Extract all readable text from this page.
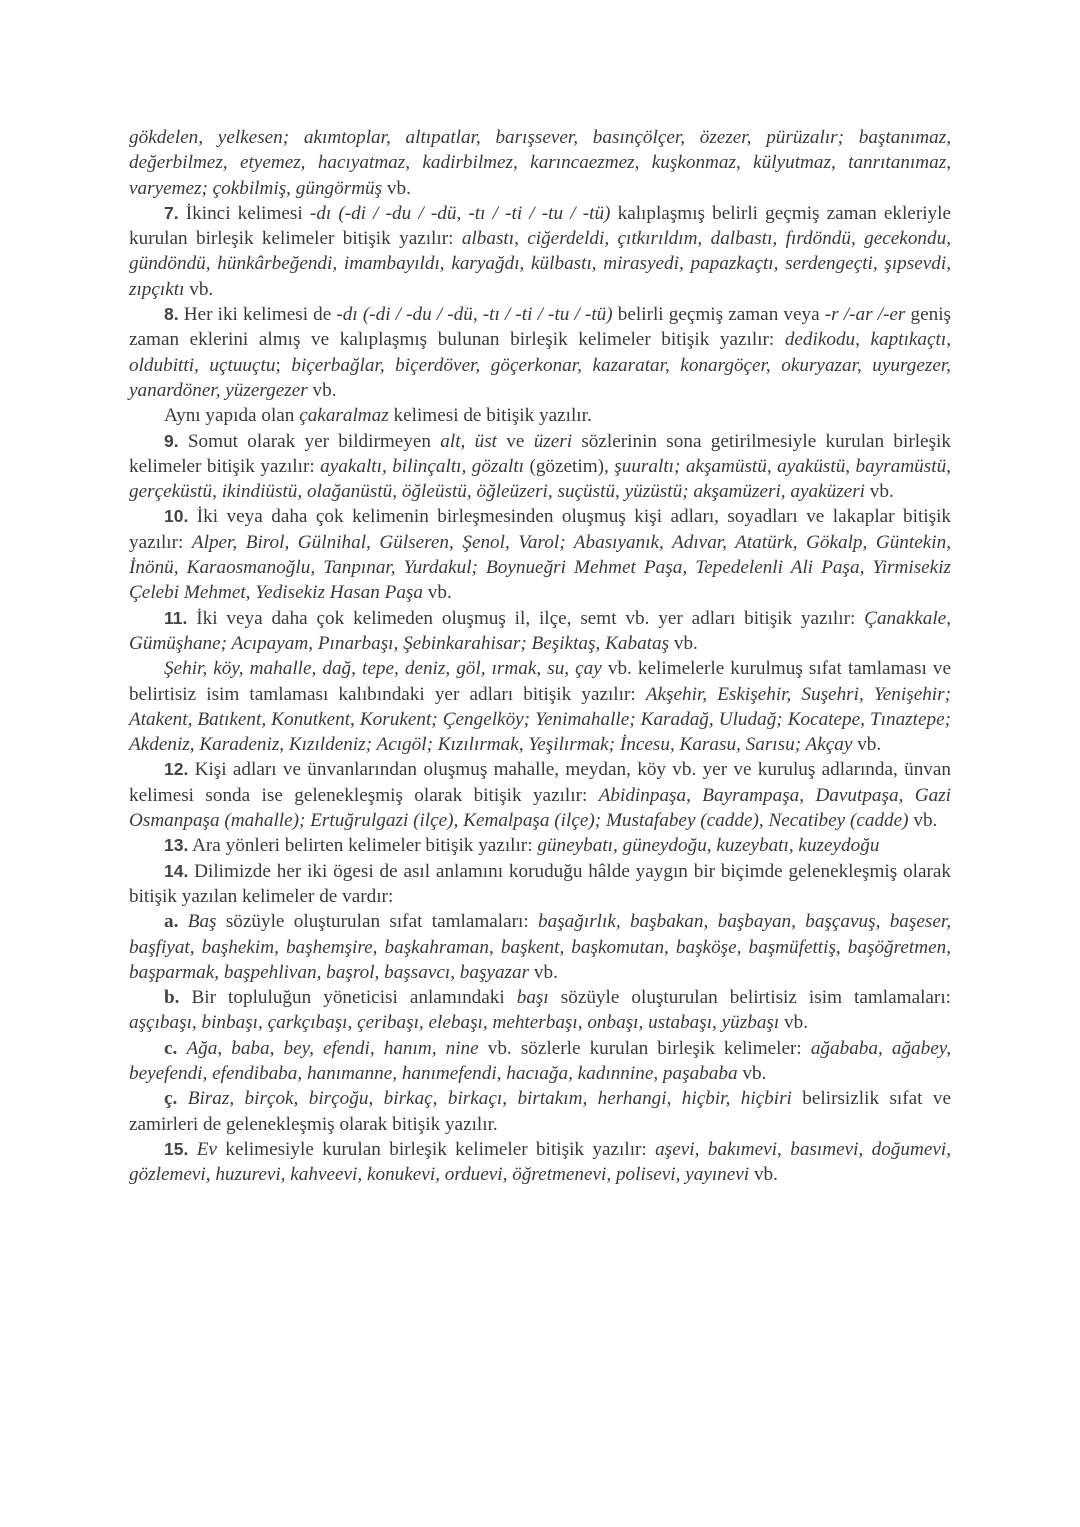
gökdelen, yelkesen; akımtoplar, altıpatlar, barışsever, basınçölçer, özezer, pürüzalır; baştanımaz, değerbilmez, etyemez, hacıyatmaz, kadirbilmez, karıncaezmez, kuşkonmaz, külyutmaz, tanrıtanımaz, varyemez; çokbilmiş, güngörmüş vb.

7. İkinci kelimesi -dı (-di / -du / -dü, -tı / -ti / -tu / -tü) kalıplaşmış belirli geçmiş zaman ekleriyle kurulan birleşik kelimeler bitişik yazılır: albastı, ciğerdeldi, çıtkırıldım, dalbastı, fırdöndü, gecekondu, gündöndü, hünkârbeğendi, imambayıldı, karyağdı, külbastı, mirasyedi, papazkaçtı, serdengeçti, şıpsevdi, zıpçıktı vb.

8. Her iki kelimesi de -dı (-di / -du / -dü, -tı / -ti / -tu / -tü) belirli geçmiş zaman veya -r /-ar /-er geniş zaman eklerini almış ve kalıplaşmış bulunan birleşik kelimeler bitişik yazılır: dedikodu, kaptıkaçtı, oldubitti, uçtuuçtu; biçerbağlar, biçerdöver, göçerkonar, kazaratar, konargöçer, okuryazar, uyurgezer, yanardöner, yüzergezer vb.

Aynı yapıda olan çakaralmaz kelimesi de bitişik yazılır.

9. Somut olarak yer bildirmeyen alt, üst ve üzeri sözlerinin sona getirilmesiyle kurulan birleşik kelimeler bitişik yazılır: ayakaltı, bilinçaltı, gözaltı (gözetim), şuuraltı; akşamüstü, ayaküstü, bayramüstü, gerçeküstü, ikindiüstü, olağanüstü, öğleüstü, öğleüzeri, suçüstü, yüzüstü; akşamüzeri, ayaküzeri vb.

10. İki veya daha çok kelimenin birleşmesinden oluşmuş kişi adları, soyadları ve lakaplar bitişik yazılır: Alper, Birol, Gülnihal, Gülseren, Şenol, Varol; Abasıyanık, Adıvar, Atatürk, Gökalp, Güntekin, İnönü, Karaosmanoğlu, Tanpınar, Yurdakul; Boynueğri Mehmet Paşa, Tepedelenli Ali Paşa, Yirmisekiz Çelebi Mehmet, Yedisekiz Hasan Paşa vb.

11. İki veya daha çok kelimeden oluşmuş il, ilçe, semt vb. yer adları bitişik yazılır: Çanakkale, Gümüşhane; Acıpayam, Pınarbaşı, Şebinkarahisar; Beşiktaş, Kabataş vb.

Şehir, köy, mahalle, dağ, tepe, deniz, göl, ırmak, su, çay vb. kelimelerle kurulmuş sıfat tamlaması ve belirtisiz isim tamlaması kalıbındaki yer adları bitişik yazılır: Akşehir, Eskişehir, Suşehri, Yenişehir; Atakent, Batıkent, Konutkent, Korukent; Çengelköy; Yenimahalle; Karadağ, Uludağ; Kocatepe, Tınaztepe; Akdeniz, Karadeniz, Kızıldeniz; Acıgöl; Kızılırmak, Yeşilırmak; İncesu, Karasu, Sarısu; Akçay vb.

12. Kişi adları ve ünvanlarından oluşmuş mahalle, meydan, köy vb. yer ve kuruluş adlarında, ünvan kelimesi sonda ise gelenekleşmiş olarak bitişik yazılır: Abidinpaşa, Bayrampaşa, Davutpaşa, Gazi Osmanpaşa (mahalle); Ertuğrulgazi (ilçe), Kemalpaşa (ilçe); Mustafabey (cadde), Necatibey (cadde) vb.

13. Ara yönleri belirten kelimeler bitişik yazılır: güneybatı, güneydoğu, kuzeybatı, kuzeydoğu

14. Dilimizde her iki ögesi de asıl anlamını koruduğu hâlde yaygın bir biçimde gelenekleşmiş olarak bitişik yazılan kelimeler de vardır:

a. Baş sözüyle oluşturulan sıfat tamlamaları: başağırlık, başbakan, başbayan, başçavuş, başeser, başfiyat, başhekim, başhemşire, başkahraman, başkent, başkomutan, başköşe, başmüfettiş, başöğretmen, başparmak, başpehlivan, başrol, başsavcı, başyazar vb.

b. Bir topluluğun yöneticisi anlamındaki başı sözüyle oluşturulan belirtisiz isim tamlamaları: aşçıbaşı, binbaşı, çarkçıbaşı, çeribaşı, elebaşı, mehterbaşı, onbaşı, ustabaşı, yüzbaşı vb.

c. Ağa, baba, bey, efendi, hanım, nine vb. sözlerle kurulan birleşik kelimeler: ağababa, ağabey, beyefendi, efendibaba, hanımanne, hanımefendi, hacıağa, kadınnine, paşababa vb.

ç. Biraz, birçok, birçoğu, birkaç, birkaçı, birtakım, herhangi, hiçbir, hiçbiri belirsizlik sıfat ve zamirleri de gelenekleşmiş olarak bitişik yazılır.

15. Ev kelimesiyle kurulan birleşik kelimeler bitişik yazılır: aşevi, bakımevi, basımevi, doğumevi, gözlemevi, huzurevi, kahveevi, konukevi, orduevi, öğretmenevi, polisevi, yayınevi vb.
